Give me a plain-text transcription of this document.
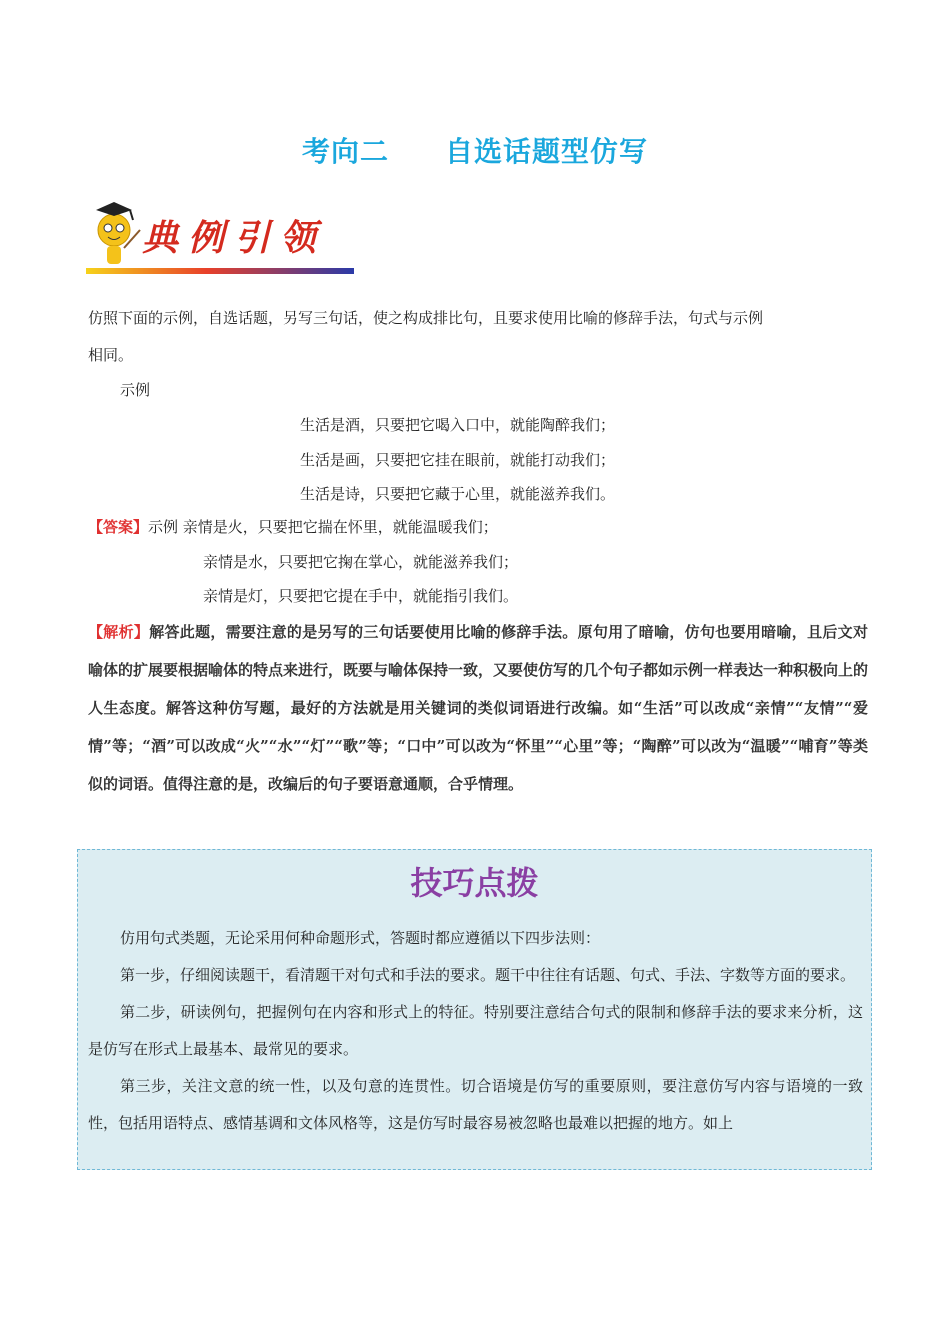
考向二 自选话题型仿写
典例引领
仿照下面的示例，自选话题，另写三句话，使之构成排比句，且要求使用比喻的修辞手法，句式与示例
相同。
示例
生活是酒，只要把它喝入口中，就能陶醉我们；
生活是画，只要把它挂在眼前，就能打动我们；
生活是诗，只要把它藏于心里，就能滋养我们。
【答案】示例 亲情是火，只要把它揣在怀里，就能温暖我们；
亲情是水，只要把它掬在掌心，就能滋养我们；
亲情是灯，只要把它提在手中，就能指引我们。

【解析】解答此题，需要注意的是另写的三句话要使用比喻的修辞手法。原句用了暗喻，仿句也要用暗喻，且后文对喻体的扩展要根据喻体的特点来进行，既要与喻体保持一致，又要使仿写的几个句子都如示例一样表达一种积极向上的人生态度。解答这种仿写题，最好的方法就是用关键词的类似词语进行改编。如“生活”可以改成“亲情”“友情”“爱情”等；“酒”可以改成“火”“水”“灯”“歌”等；“口中”可以改为“怀里”“心里”等；“陶醉”可以改为“温暖”“哺育”等类似的词语。值得注意的是，改编后的句子要语意通顺，合乎情理。

技巧点拨

仿用句式类题，无论采用何种命题形式，答题时都应遵循以下四步法则：

第一步，仔细阅读题干，看清题干对句式和手法的要求。题干中往往有话题、句式、手法、字数等方面的要求。

第二步，研读例句，把握例句在内容和形式上的特征。特别要注意结合句式的限制和修辞手法的要求来分析，这是仿写在形式上最基本、最常见的要求。

第三步，关注文意的统一性，以及句意的连贯性。切合语境是仿写的重要原则，要注意仿写内容与语境的一致性，包括用语特点、感情基调和文体风格等，这是仿写时最容易被忽略也最难以把握的地方。如上
